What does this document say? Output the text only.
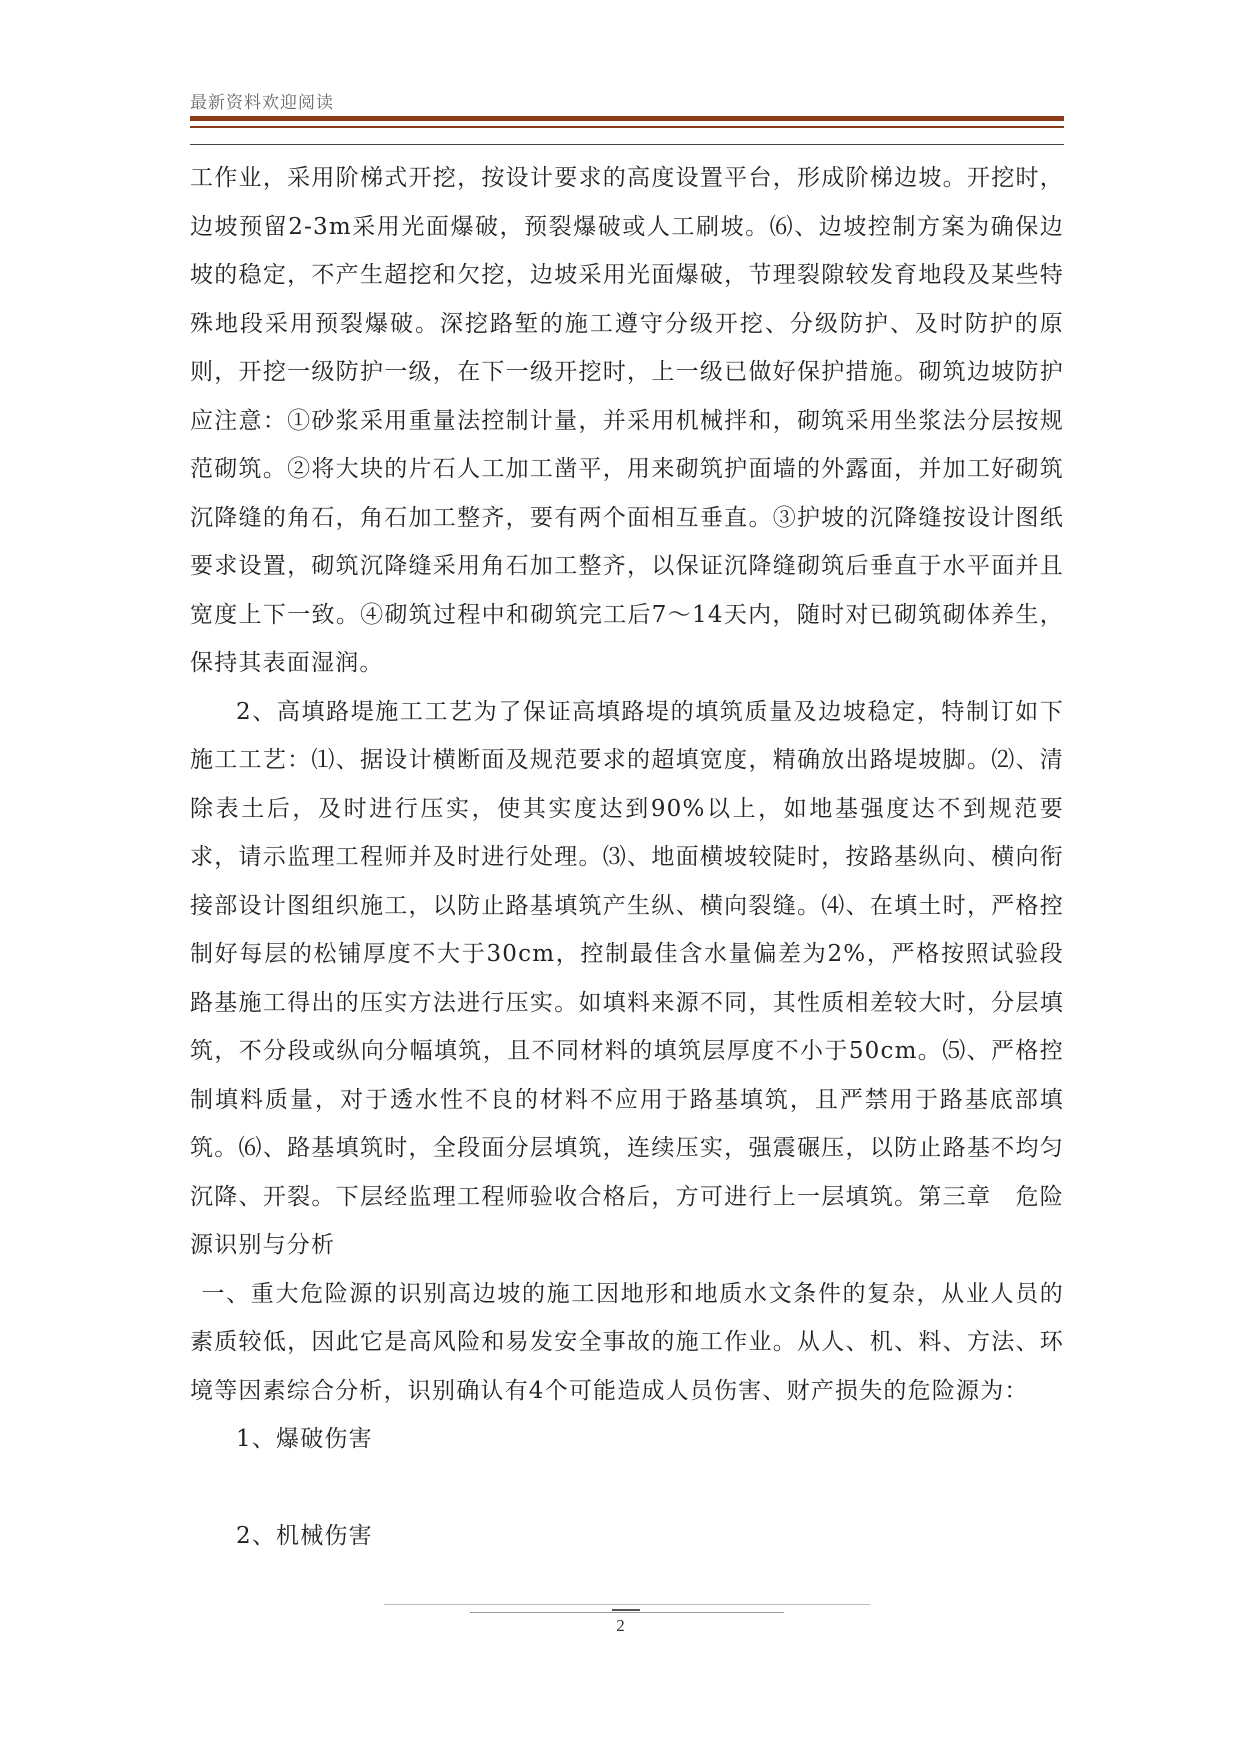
最新资料欢迎阅读

工作业，采用阶梯式开挖，按设计要求的高度设置平台，形成阶梯边坡。开挖时，边坡预留2-3m采用光面爆破，预裂爆破或人工刷坡。⑹、边坡控制方案为确保边坡的稳定，不产生超挖和欠挖，边坡采用光面爆破，节理裂隙较发育地段及某些特殊地段采用预裂爆破。深挖路堑的施工遵守分级开挖、分级防护、及时防护的原则，开挖一级防护一级，在下一级开挖时，上一级已做好保护措施。砌筑边坡防护应注意：①砂浆采用重量法控制计量，并采用机械拌和，砌筑采用坐浆法分层按规范砌筑。②将大块的片石人工加工凿平，用来砌筑护面墙的外露面，并加工好砌筑沉降缝的角石，角石加工整齐，要有两个面相互垂直。③护坡的沉降缝按设计图纸要求设置，砌筑沉降缝采用角石加工整齐，以保证沉降缝砌筑后垂直于水平面并且宽度上下一致。④砌筑过程中和砌筑完工后7～14天内，随时对已砌筑砌体养生，保持其表面湿润。

2、高填路堤施工工艺为了保证高填路堤的填筑质量及边坡稳定，特制订如下施工工艺：⑴、据设计横断面及规范要求的超填宽度，精确放出路堤坡脚。⑵、清除表土后，及时进行压实，使其实度达到90%以上，如地基强度达不到规范要求，请示监理工程师并及时进行处理。⑶、地面横坡较陡时，按路基纵向、横向衔接部设计图组织施工，以防止路基填筑产生纵、横向裂缝。⑷、在填土时，严格控制好每层的松铺厚度不大于30cm，控制最佳含水量偏差为2%，严格按照试验段路基施工得出的压实方法进行压实。如填料来源不同，其性质相差较大时，分层填筑，不分段或纵向分幅填筑，且不同材料的填筑层厚度不小于50cm。⑸、严格控制填料质量，对于透水性不良的材料不应用于路基填筑，且严禁用于路基底部填筑。⑹、路基填筑时，全段面分层填筑，连续压实，强震碾压，以防止路基不均匀沉降、开裂。下层经监理工程师验收合格后，方可进行上一层填筑。第三章　危险源识别与分析

一、重大危险源的识别高边坡的施工因地形和地质水文条件的复杂，从业人员的素质较低，因此它是高风险和易发安全事故的施工作业。从人、机、料、方法、环境等因素综合分析，识别确认有4个可能造成人员伤害、财产损失的危险源为：

1、爆破伤害

2、机械伤害

2
